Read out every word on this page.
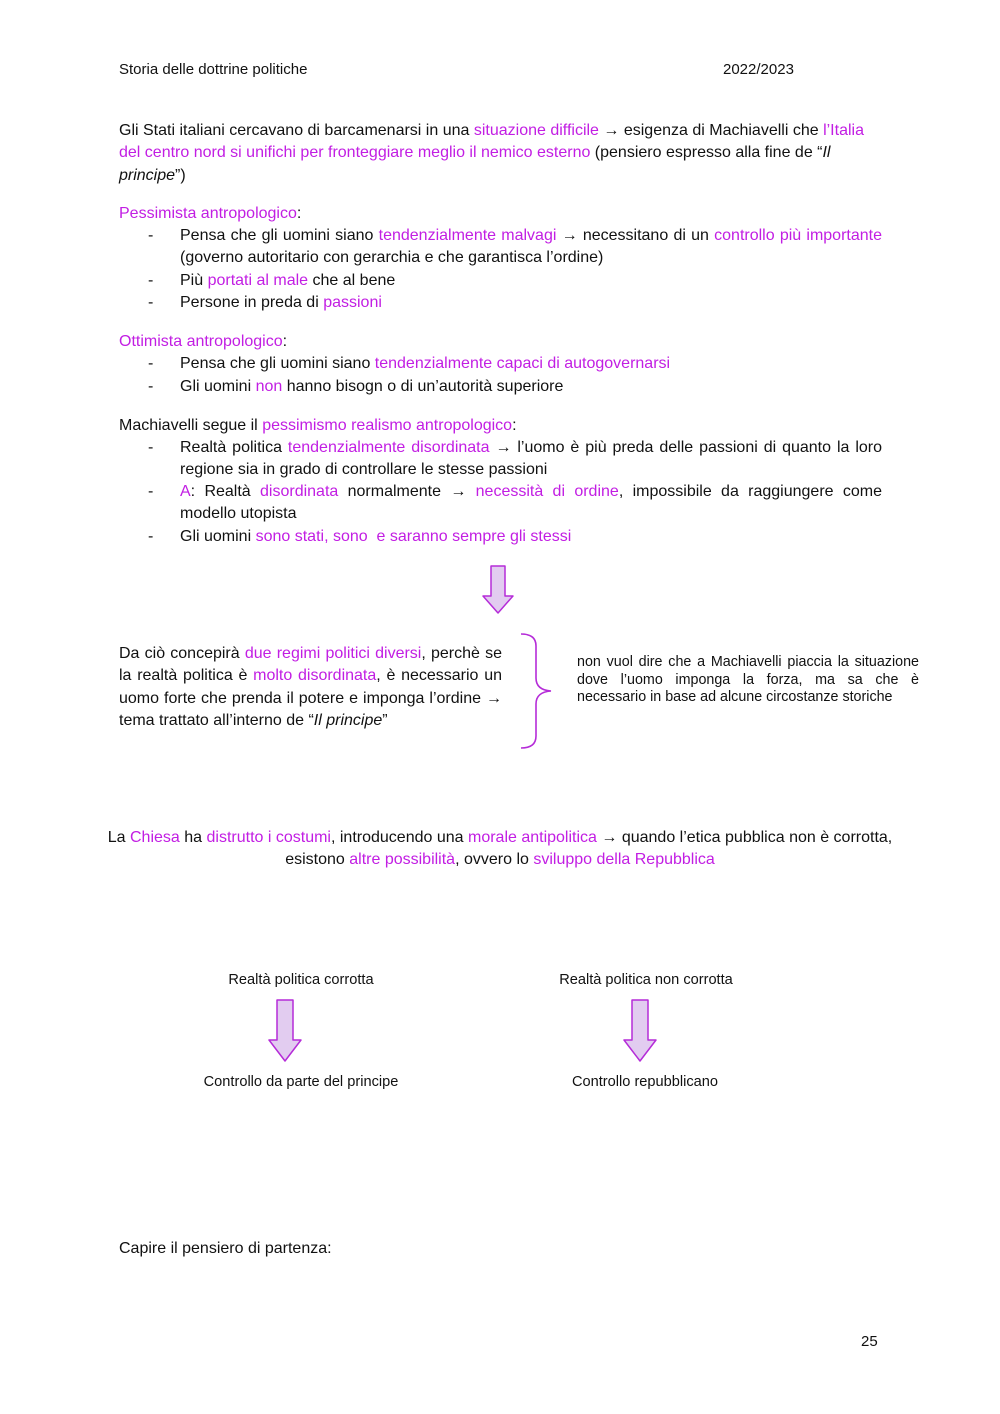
Storia delle dottrine politiche	2022/2023
Gli Stati italiani cercavano di barcamenarsi in una situazione difficile → esigenza di Machiavelli che l’Italia del centro nord si unifichi per fronteggiare meglio il nemico esterno (pensiero espresso alla fine de “Il principe”)
Pessimista antropologico:
- Pensa che gli uomini siano tendenzialmente malvagi → necessitano di un controllo più importante (governo autoritario con gerarchia e che garantisca l’ordine)
- Più portati al male che al bene
- Persone in preda di passioni
Ottimista antropologico:
- Pensa che gli uomini siano tendenzialmente capaci di autogovernarsi
- Gli uomini non hanno bisogn o di un’autorità superiore
Machiavelli segue il pessimismo realismo antropologico:
- Realtà politica tendenzialmente disordinata → l’uomo è più preda delle passioni di quanto la loro regione sia in grado di controllare le stesse passioni
- A: Realtà disordinata normalmente → necessità di ordine, impossibile da raggiungere come modello utopista
- Gli uomini sono stati, sono  e saranno sempre gli stessi
Da ciò concepirà due regimi politici diversi, perchè se la realtà politica è molto disordinata, è necessario un uomo forte che prenda il potere e imponga l’ordine → tema trattato all’interno de “Il principe”
non vuol dire che a Machiavelli piaccia la situazione dove l’uomo imponga la forza, ma sa che è necessario in base ad alcune circostanze storiche
La Chiesa ha distrutto i costumi, introducendo una morale antipolitica → quando l’etica pubblica non è corrotta, esistono altre possibilità, ovvero lo sviluppo della Repubblica
Realtà politica corrotta
Controllo da parte del principe
Realtà politica non corrotta
Controllo repubblicano
Capire il pensiero di partenza:
25
